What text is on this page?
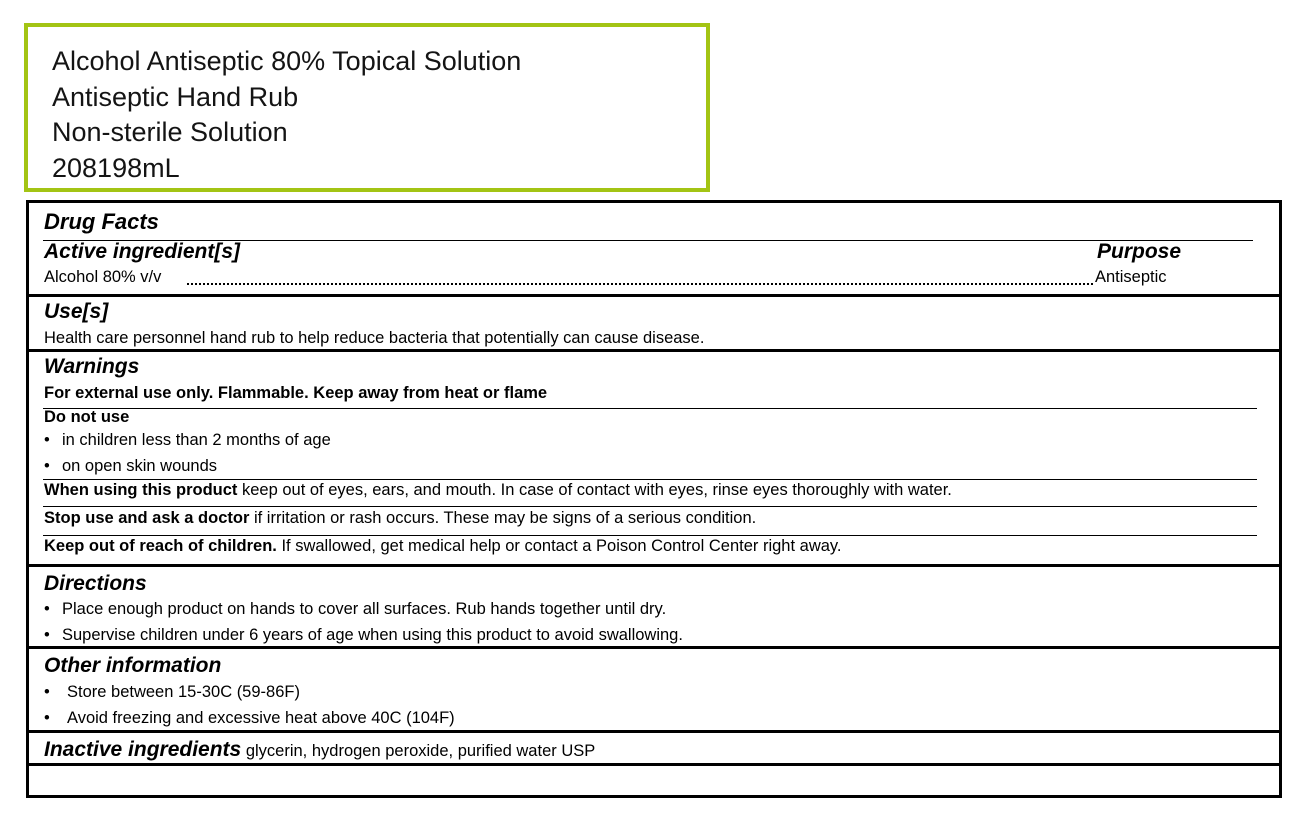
Alcohol Antiseptic 80% Topical Solution
Antiseptic Hand Rub
Non-sterile Solution
208198mL
Drug Facts
Active ingredient[s]	Purpose
Alcohol 80% v/v	Antiseptic
Use[s]
Health care personnel hand rub to help reduce bacteria that potentially can cause disease.
Warnings
For external use only. Flammable. Keep away from heat or flame
Do not use
• in children less than 2 months of age
• on open skin wounds
When using this product keep out of eyes, ears, and mouth. In case of contact with eyes, rinse eyes thoroughly with water.
Stop use and ask a doctor if irritation or rash occurs. These may be signs of a serious condition.
Keep out of reach of children. If swallowed, get medical help or contact a Poison Control Center right away.
Directions
• Place enough product on hands to cover all surfaces. Rub hands together until dry.
• Supervise children under 6 years of age when using this product to avoid swallowing.
Other information
• Store between 15-30C (59-86F)
• Avoid freezing and excessive heat above 40C (104F)
Inactive ingredients glycerin, hydrogen peroxide, purified water USP
